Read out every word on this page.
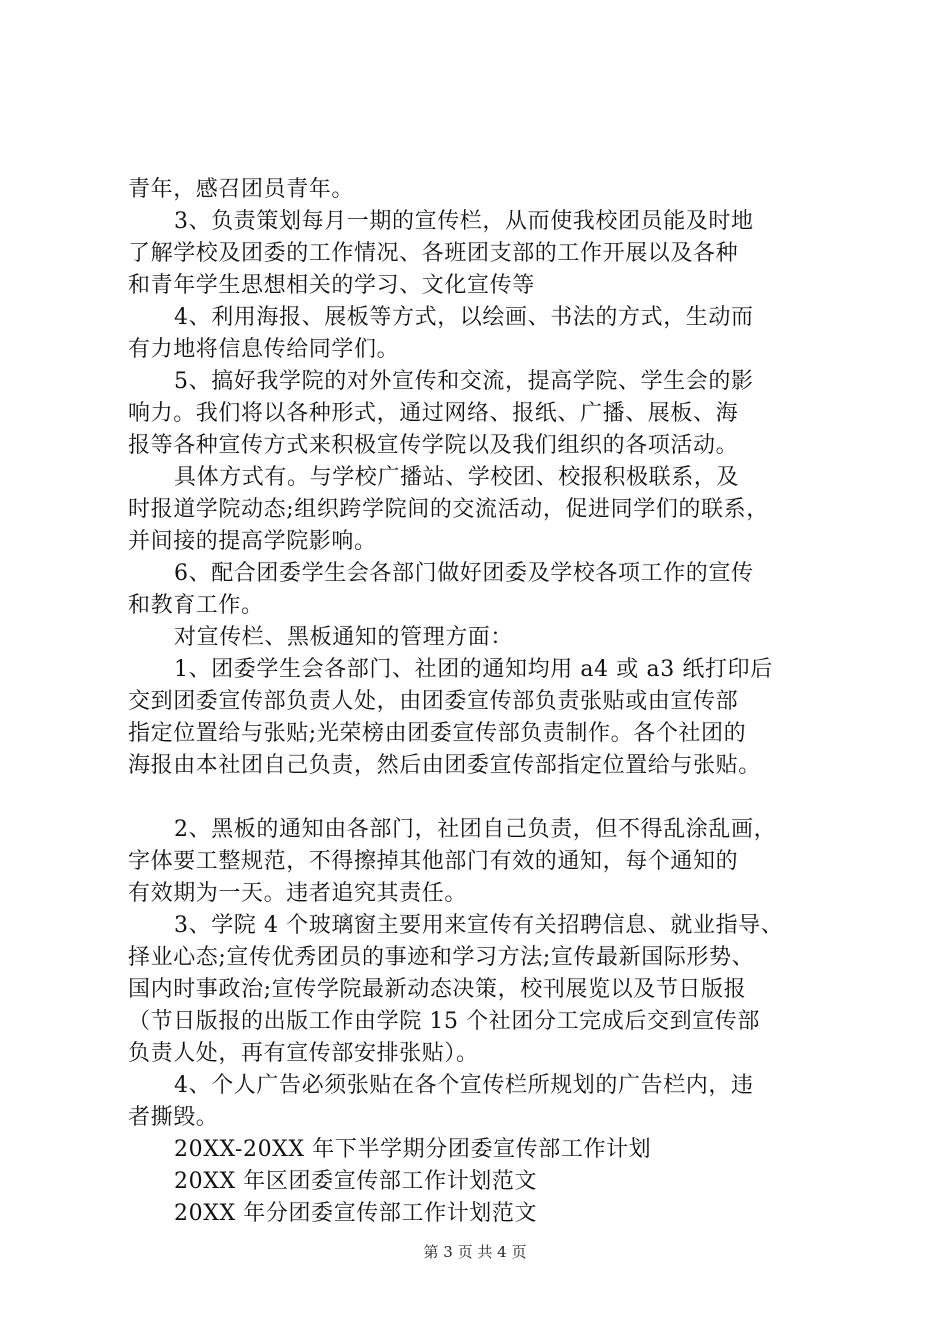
青年，感召团员青年。
3、负责策划每月一期的宣传栏，从而使我校团员能及时地
了解学校及团委的工作情况、各班团支部的工作开展以及各种
和青年学生思想相关的学习、文化宣传等
4、利用海报、展板等方式，以绘画、书法的方式，生动而
有力地将信息传给同学们。
5、搞好我学院的对外宣传和交流，提高学院、学生会的影
响力。我们将以各种形式，通过网络、报纸、广播、展板、海
报等各种宣传方式来积极宣传学院以及我们组织的各项活动。
具体方式有。与学校广播站、学校团、校报积极联系，及
时报道学院动态;组织跨学院间的交流活动，促进同学们的联系，
并间接的提高学院影响。
6、配合团委学生会各部门做好团委及学校各项工作的宣传
和教育工作。
对宣传栏、黑板通知的管理方面：
1、团委学生会各部门、社团的通知均用 a4 或 a3 纸打印后
交到团委宣传部负责人处，由团委宣传部负责张贴或由宣传部
指定位置给与张贴;光荣榜由团委宣传部负责制作。各个社团的
海报由本社团自己负责，然后由团委宣传部指定位置给与张贴。
2、黑板的通知由各部门，社团自己负责，但不得乱涂乱画，
字体要工整规范，不得擦掉其他部门有效的通知，每个通知的
有效期为一天。违者追究其责任。
3、学院 4 个玻璃窗主要用来宣传有关招聘信息、就业指导、
择业心态;宣传优秀团员的事迹和学习方法;宣传最新国际形势、
国内时事政治;宣传学院最新动态决策，校刊展览以及节日版报
（节日版报的出版工作由学院 15 个社团分工完成后交到宣传部
负责人处，再有宣传部安排张贴）。
4、个人广告必须张贴在各个宣传栏所规划的广告栏内，违
者撕毁。
20XX-20XX 年下半学期分团委宣传部工作计划
20XX 年区团委宣传部工作计划范文
20XX 年分团委宣传部工作计划范文
第 3 页 共 4 页
